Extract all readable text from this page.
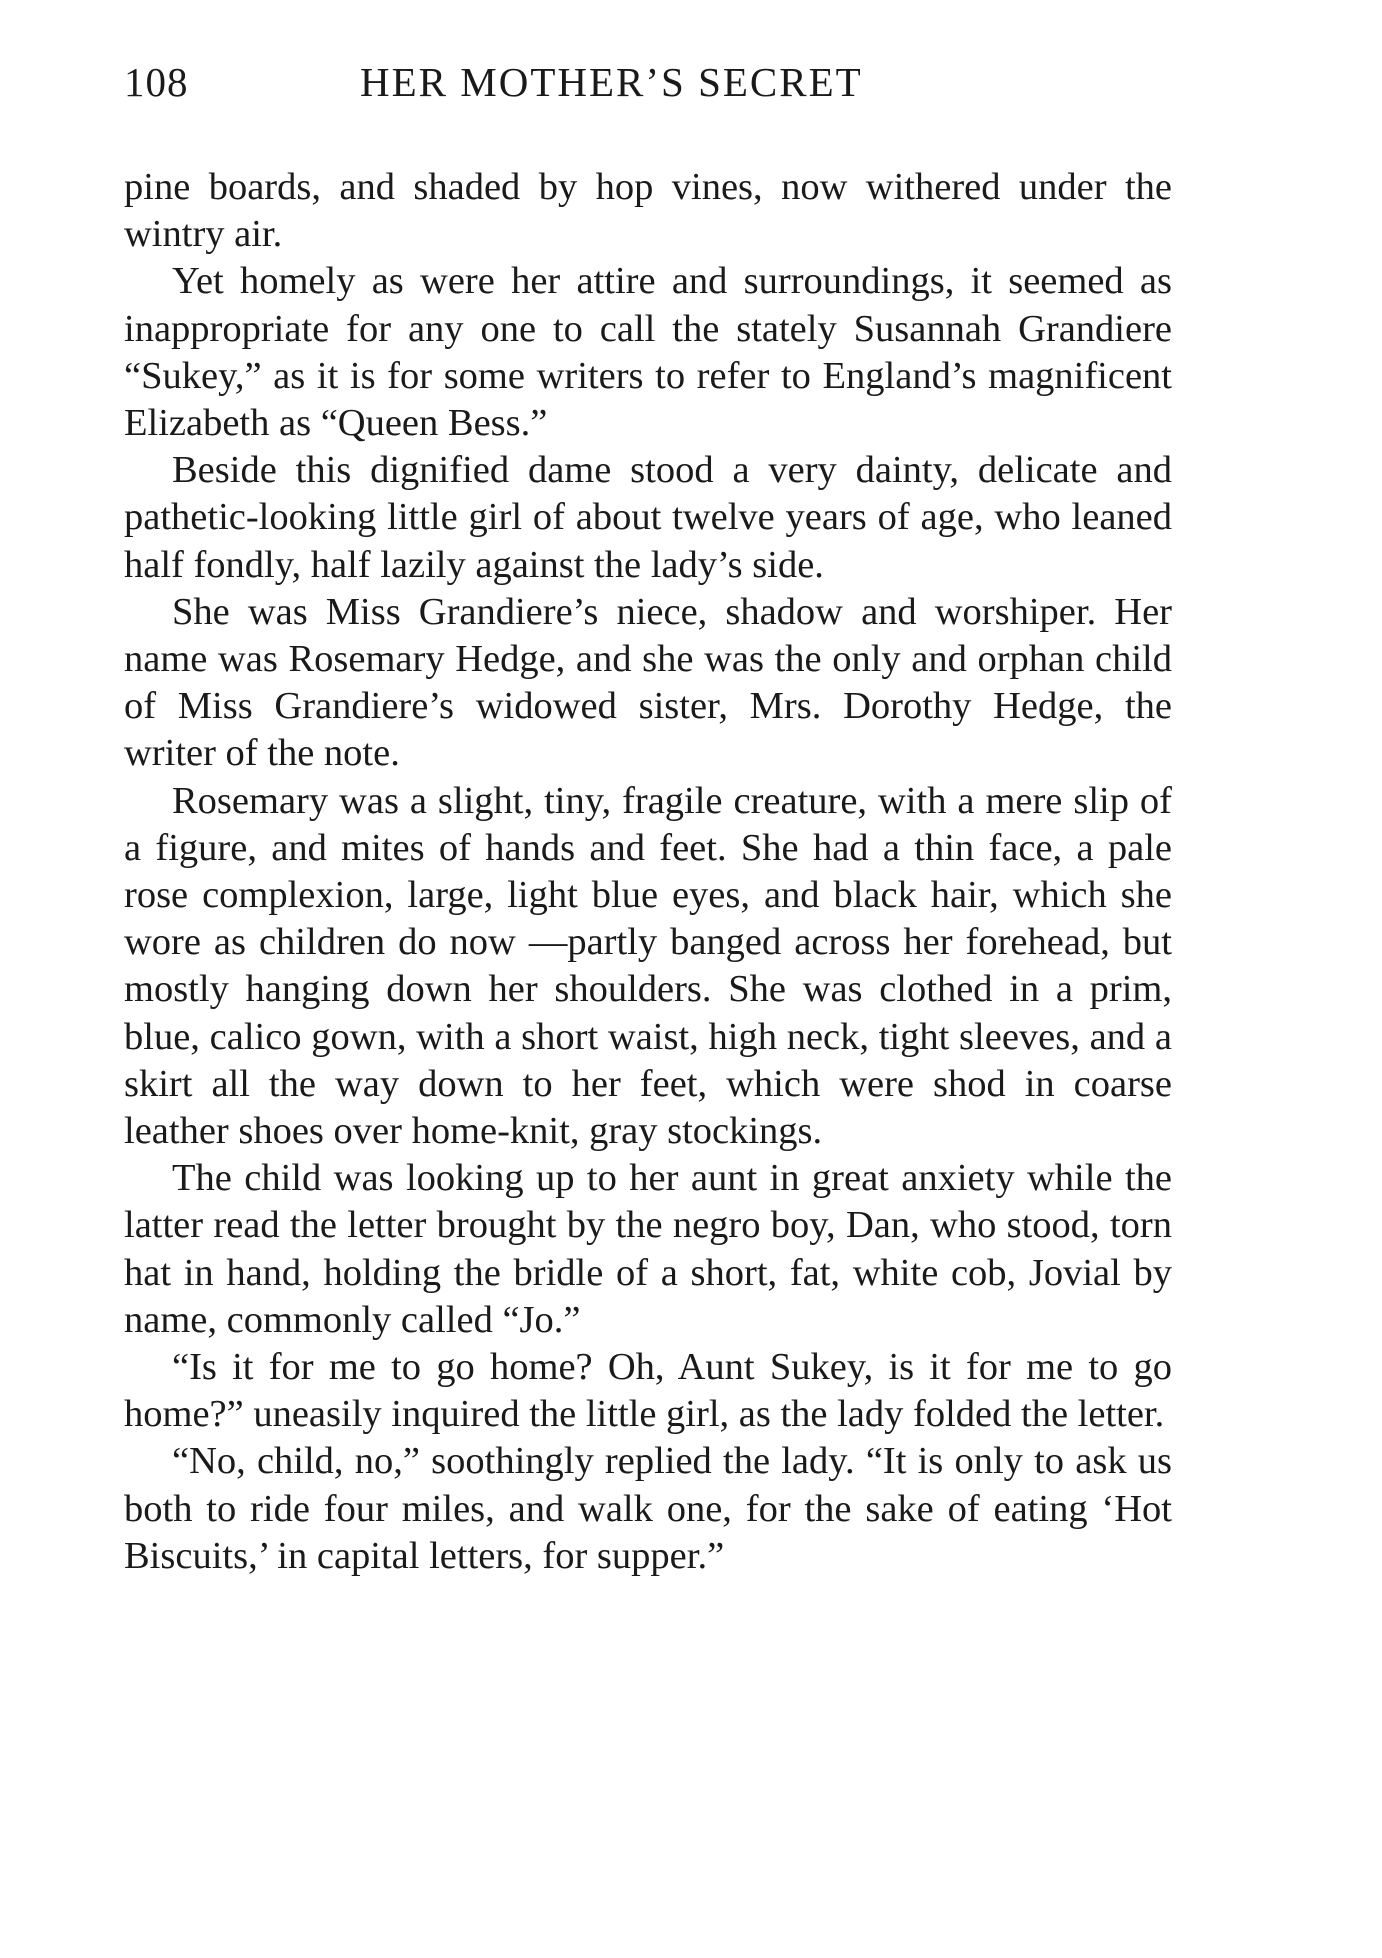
108	HER MOTHER’S SECRET

pine boards, and shaded by hop vines, now withered under the wintry air.

Yet homely as were her attire and surroundings, it seemed as inappropriate for any one to call the stately Susannah Grandiere “Sukey,” as it is for some writers to refer to England’s magnificent Elizabeth as “Queen Bess.”

Beside this dignified dame stood a very dainty, delicate and pathetic-looking little girl of about twelve years of age, who leaned half fondly, half lazily against the lady’s side.

She was Miss Grandiere’s niece, shadow and worshiper. Her name was Rosemary Hedge, and she was the only and orphan child of Miss Grandiere’s widowed sister, Mrs. Dorothy Hedge, the writer of the note.

Rosemary was a slight, tiny, fragile creature, with a mere slip of a figure, and mites of hands and feet. She had a thin face, a pale rose complexion, large, light blue eyes, and black hair, which she wore as children do now —partly banged across her forehead, but mostly hanging down her shoulders. She was clothed in a prim, blue, calico gown, with a short waist, high neck, tight sleeves, and a skirt all the way down to her feet, which were shod in coarse leather shoes over home-knit, gray stockings.

The child was looking up to her aunt in great anxiety while the latter read the letter brought by the negro boy, Dan, who stood, torn hat in hand, holding the bridle of a short, fat, white cob, Jovial by name, commonly called “Jo.”

“Is it for me to go home? Oh, Aunt Sukey, is it for me to go home?” uneasily inquired the little girl, as the lady folded the letter.

“No, child, no,” soothingly replied the lady. “It is only to ask us both to ride four miles, and walk one, for the sake of eating ‘Hot Biscuits,’ in capital letters, for supper.”
